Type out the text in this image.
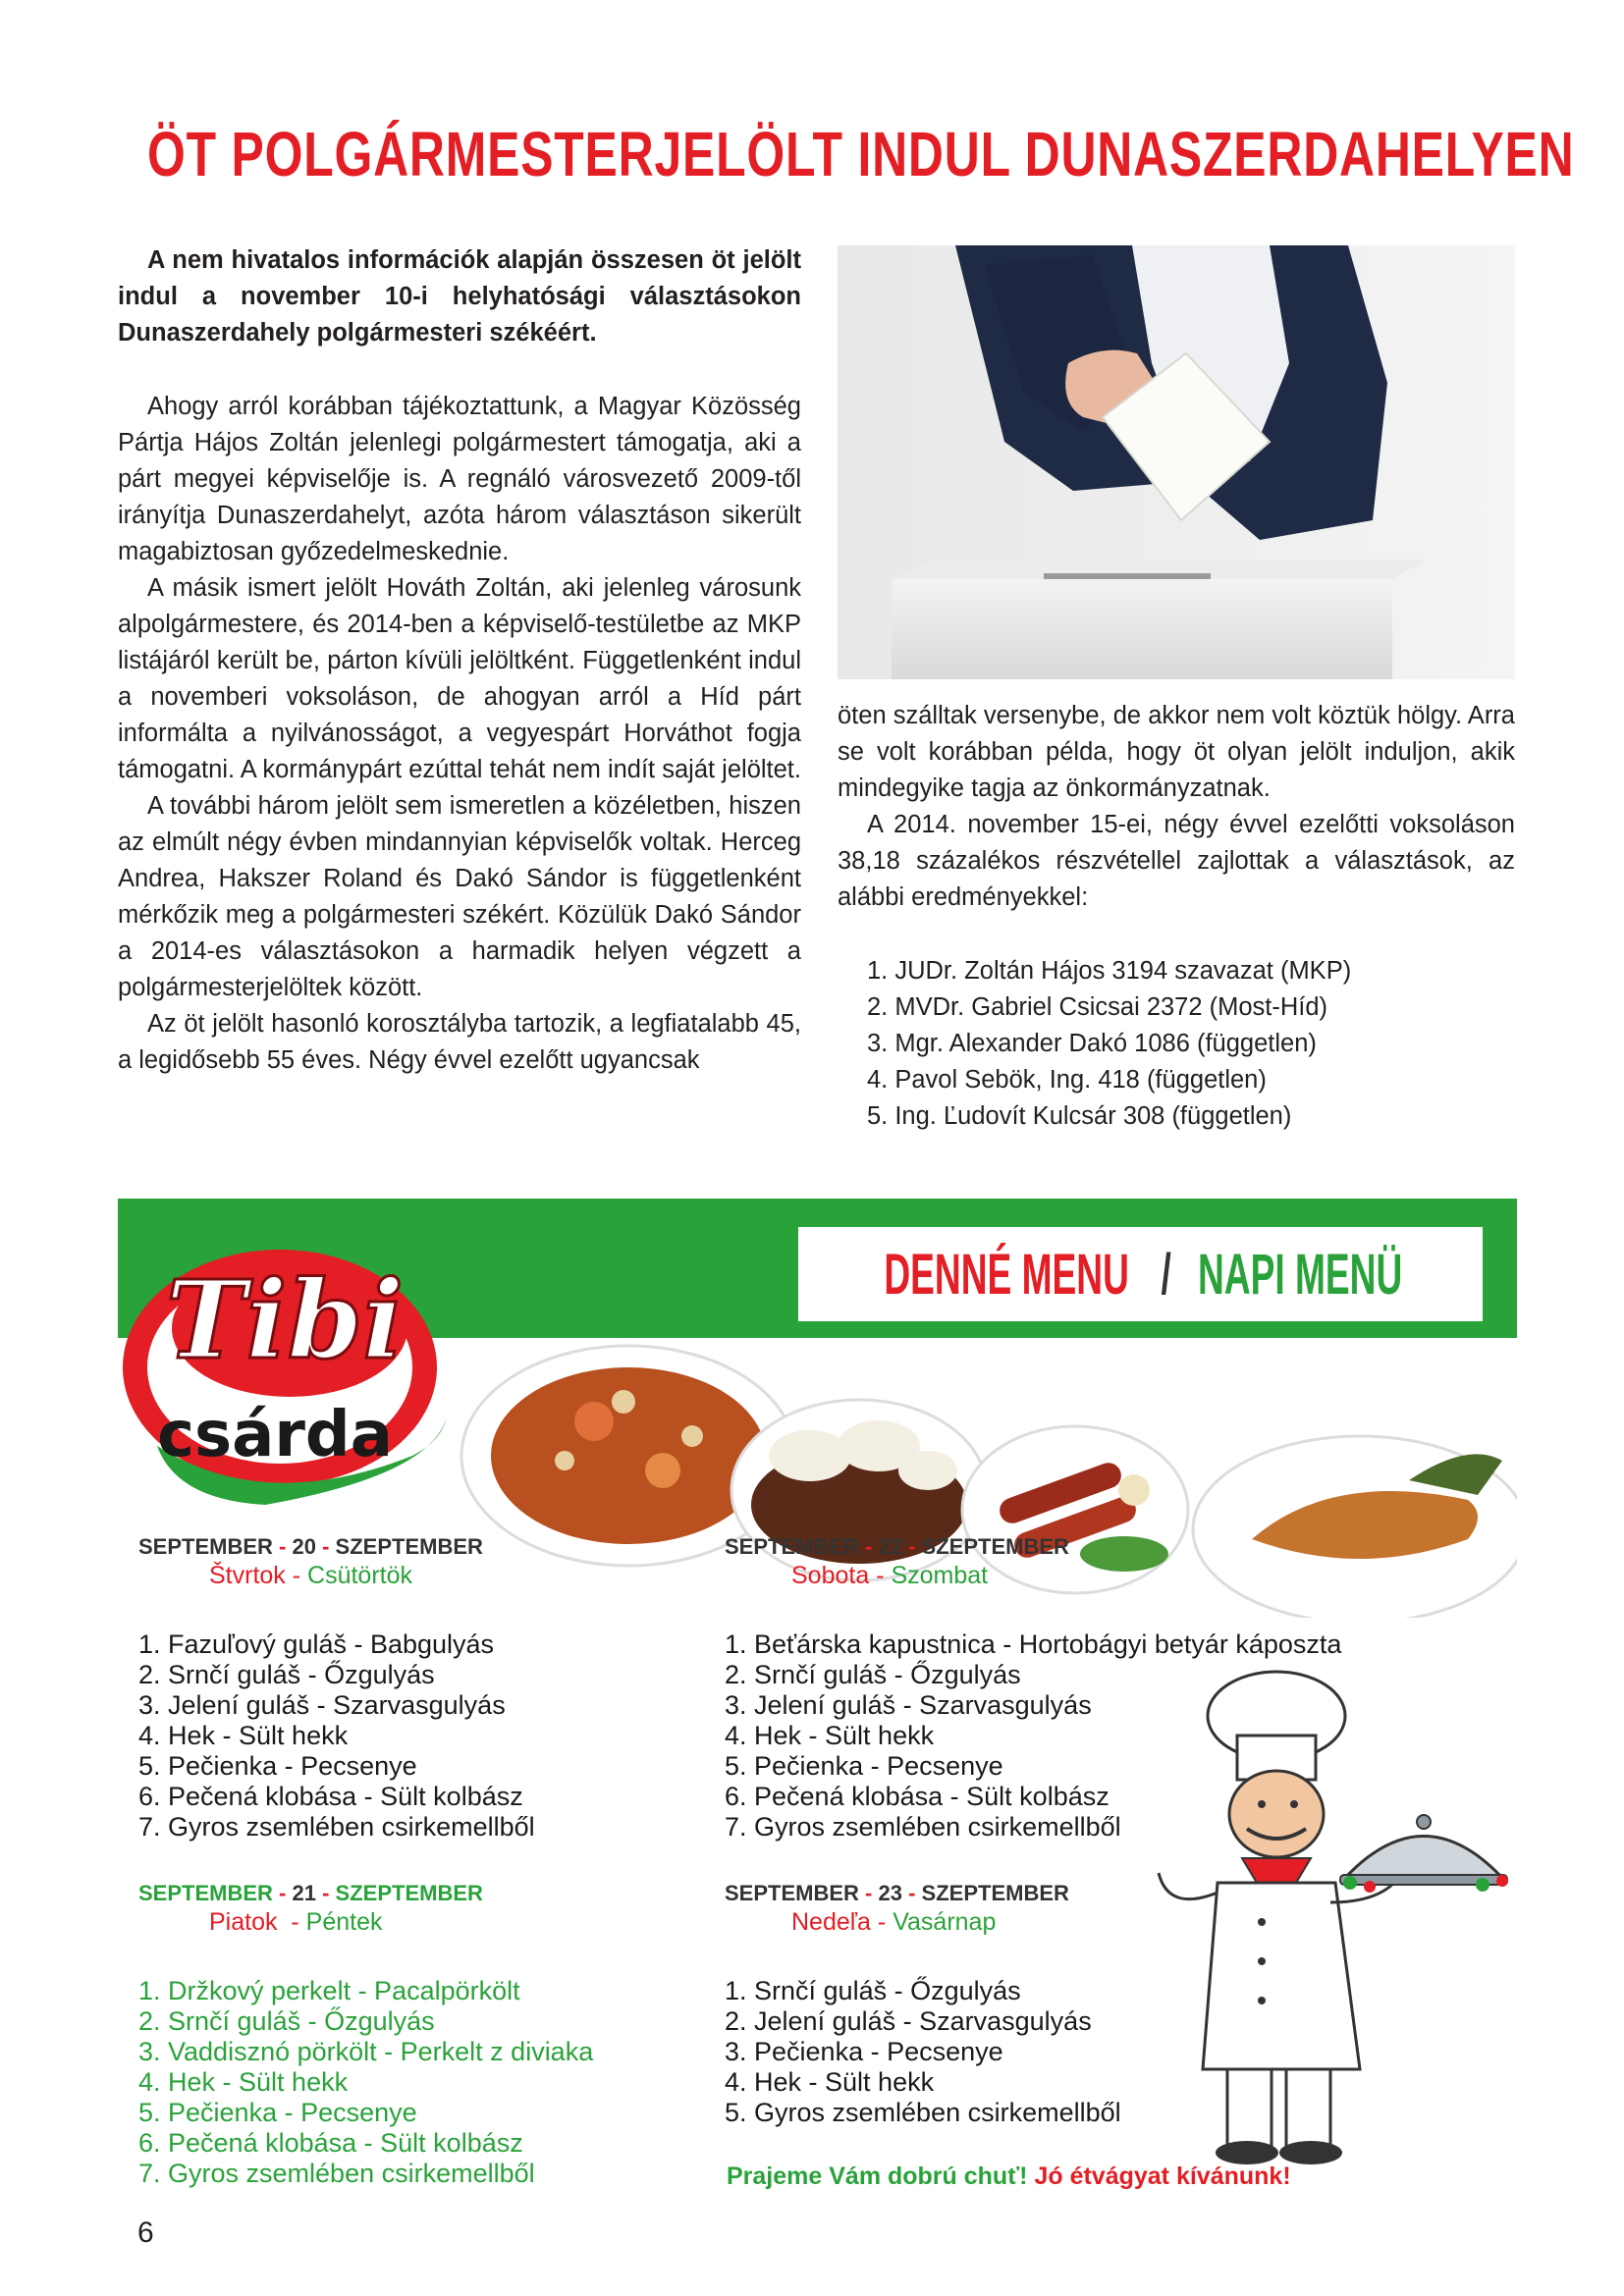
ÖT POLGÁRMESTERJELÖLT INDUL DUNASZERDAHELYEN

A nem hivatalos információk alapján összesen öt jelölt indul a november 10-i helyhatósági választásokon Dunaszerdahely polgármesteri székéért.

Ahogy arról korábban tájékoztattunk, a Magyar Közösség Pártja Hájos Zoltán jelenlegi polgármestert támogatja, aki a párt megyei képviselője is. A regnáló városvezető 2009-től irányítja Dunaszerdahelyt, azóta három választáson sikerült magabiztosan győzedelmeskednie.

A másik ismert jelölt Hováth Zoltán, aki jelenleg városunk alpolgármestere, és 2014-ben a képviselő-testületbe az MKP listájáról került be, párton kívüli jelöltként. Függetlenként indul a novemberi voksoláson, de ahogyan arról a Híd párt informálta a nyilvánosságot, a vegyespárt Horváthot fogja támogatni. A kormánypárt ezúttal tehát nem indít saját jelöltet.

A további három jelölt sem ismeretlen a közéletben, hiszen az elmúlt négy évben mindannyian képviselők voltak. Herceg Andrea, Hakszer Roland és Dakó Sándor is függetlenként mérkőzik meg a polgármesteri székért. Közülük Dakó Sándor a 2014-es választásokon a harmadik helyen végzett a polgármesterjelöltek között.

Az öt jelölt hasonló korosztályba tartozik, a legfiatalabb 45, a legidősebb 55 éves. Négy évvel ezelőtt ugyancsak

öten szálltak versenybe, de akkor nem volt köztük hölgy. Arra se volt korábban példa, hogy öt olyan jelölt induljon, akik mindegyike tagja az önkormányzatnak.

A 2014. november 15-ei, négy évvel ezelőtti voksoláson 38,18 százalékos részvétellel zajlottak a választások, az alábbi eredményekkel:

1. JUDr. Zoltán Hájos 3194 szavazat (MKP)
2. MVDr. Gabriel Csicsai 2372 (Most-Híd)
3. Mgr. Alexander Dakó 1086 (független)
4. Pavol Sebök, Ing. 418 (független)
5. Ing. Ľudovít Kulcsár 308 (független)
DENNÉ MENU/NAPI MENÜ
Tibi
csárda
SEPTEMBER - 20 - SZEPTEMBER
Štvrtok - Csütörtök
1. Fazuľový guláš - Babgulyás
2. Srnčí guláš - Őzgulyás
3. Jelení guláš - Szarvasgulyás
4. Hek - Sült hekk
5. Pečienka - Pecsenye
6. Pečená klobása - Sült kolbász
7. Gyros zsemlében csirkemellből
SEPTEMBER - 22 - SZEPTEMBER
Sobota - Szombat
1. Beťárska kapustnica - Hortobágyi betyár káposzta
2. Srnčí guláš - Őzgulyás
3. Jelení guláš - Szarvasgulyás
4. Hek - Sült hekk
5. Pečienka - Pecsenye
6. Pečená klobása - Sült kolbász
7. Gyros zsemlében csirkemellből
SEPTEMBER - 21 - SZEPTEMBER
Piatok  - Péntek
1. Držkový perkelt - Pacalpörkölt
2. Srnčí guláš - Őzgulyás
3. Vaddisznó pörkölt - Perkelt z diviaka
4. Hek - Sült hekk
5. Pečienka - Pecsenye
6. Pečená klobása - Sült kolbász
7. Gyros zsemlében csirkemellből
SEPTEMBER - 23 - SZEPTEMBER
Nedeľa - Vasárnap
1. Srnčí guláš - Őzgulyás
2. Jelení guláš - Szarvasgulyás
3. Pečienka - Pecsenye
4. Hek - Sült hekk
5. Gyros zsemlében csirkemellből
Prajeme Vám dobrú chuť! Jó étvágyat kívánunk!
6
